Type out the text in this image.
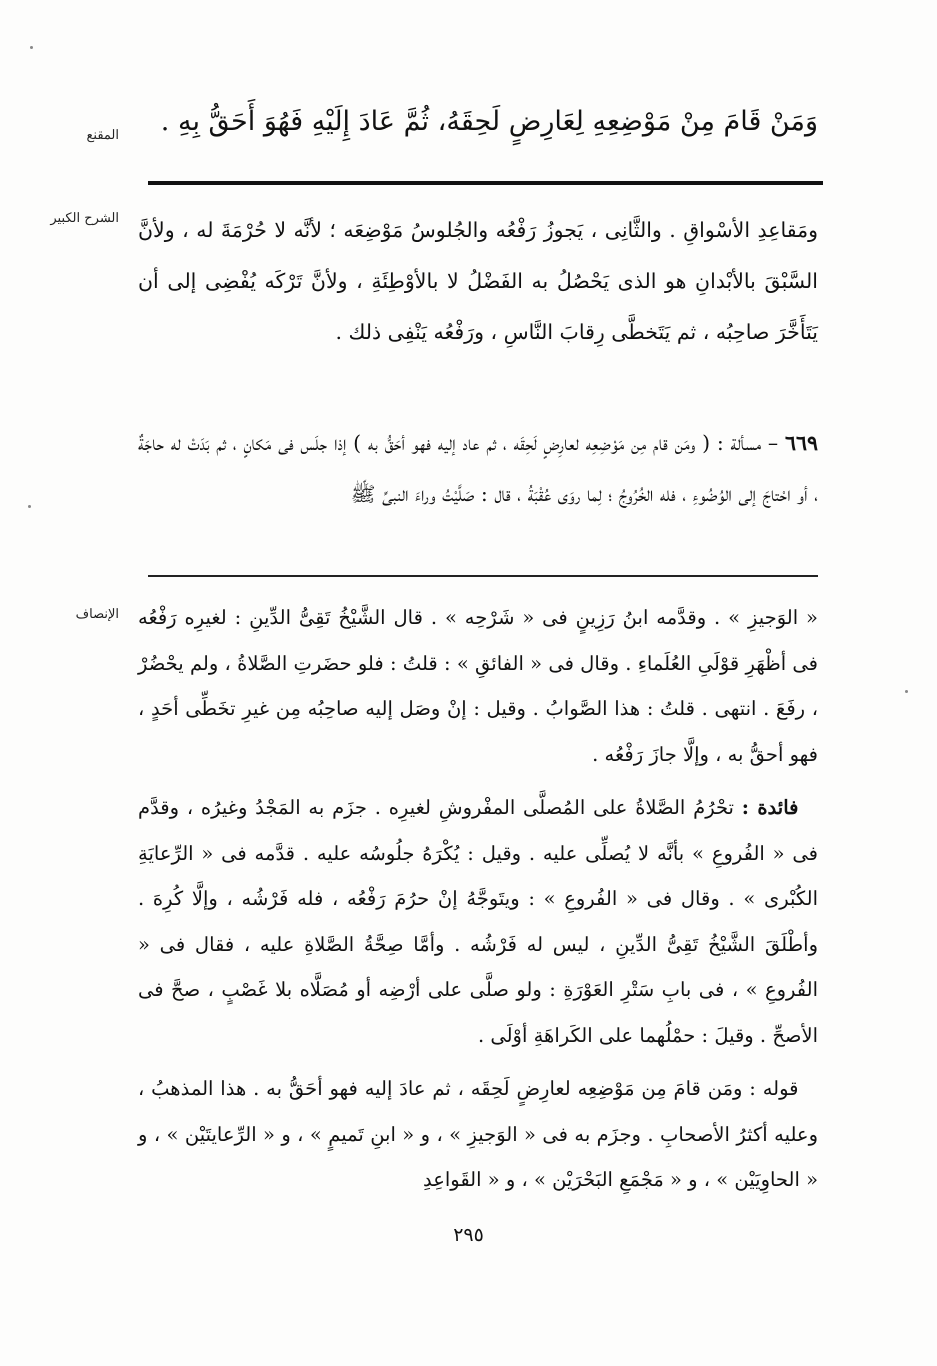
المقنع
الشرح الكبير
الإنصاف

وَمَنْ قَامَ مِنْ مَوْضِعِهِ لِعَارِضٍ لَحِقَهُ، ثُمَّ عَادَ إِلَيْهِ فَهُوَ أَحَقُّ بِهِ .

ومَقاعِدِ الأسْواقِ . والثَّانِى ، يَجوزُ رَفْعُه والجُلوسُ مَوْضِعَه ؛ لأنَّه لا حُرْمَةَ له ، ولأنَّ السَّبْقَ بالأبْدانِ هو الذى يَحْصُلُ به الفَضْلُ لا بالأوْطِئَةِ ، ولأنَّ تَرْكَه يُفْضِى إلى أن يَتَأَخَّرَ صاحِبُه ، ثم يَتَخطَّى رِقابَ النَّاسِ ، ورَفْعُه يَنْفِى ذلك .

٦٦٩ – مسألة : ( ومَن قام مِن مَوْضِعِه لعارِضٍ لَحِقَه ، ثم عاد إليه فهو أحَقُّ به ) إذا جلَس فى مَكانٍ ، ثم بَدَتْ له حاجَةٌ ، أو احْتاجَ إلى الوُضُوءِ ، فله الخُرُوجُ ؛ لِما روَى عُقْبَةُ ، قال : صَلَّيْتُ وراءَ النبىِّ ﷺ

« الوَجيزِ » . وقدَّمه ابنُ رَزِينٍ فى « شَرْحِه » . قال الشَّيْخُ تَقِىُّ الدِّينِ : لغيرِه رَفْعُه فى أظْهَرِ قوْلَىِ العُلَماءِ . وقال فى « الفائقِ » : قلتُ : فلو حضَرتِ الصَّلاةُ ، ولم يحْضُرْ ، رفَعَ . انتهى . قلتُ : هذا الصَّوابُ . وقيل : إنْ وصَل إليه صاحِبُه مِن غيرِ تخَطِّى أحَدٍ ، فهو أحقُّ به ، وإلَّا جازَ رَفْعُه .

 فائدة : تحْرُمُ الصَّلاةُ على المُصلَّى المفْروشِ لغيرِه . جزَم به المَجْدُ وغيرُه ، وقدَّم فى « الفُروعِ » بأنَّه لا يُصلِّى عليه . وقيل : يُكْرَهُ جلُوسُه عليه . قدَّمه فى « الرِّعايَةِ الكُبْرى » . وقال فى « الفُروعِ » : ويتَوجَّهُ إنْ حرُمَ رَفْعُه ، فله فَرْشُه ، وإلَّا كُرِهَ . وأطْلَقَ الشَّيْخُ تَقِىُّ الدِّينِ ، ليس له فَرْشُه . وأمَّا صِحَّةُ الصَّلاةِ عليه ، فقال فى « الفُروعِ » ، فى بابِ سَتْرِ العَوْرَةِ : ولو صلَّى على أرْضِه أو مُصَلَّاه بلا غَصْبٍ ، صحَّ فى الأصحِّ . وقيلَ : حمْلُهما على الكَراهَةِ أوْلَى .

 قوله : ومَن قامَ مِن مَوْضِعِه لعارِضٍ لَحِقَه ، ثم عادَ إليه فهو أحَقُّ به . هذا المذهبُ ، وعليه أكثرُ الأصحابِ . وجزَم به فى « الوَجيزِ » ، و « ابنِ تَميمٍ » ، و « الرِّعايتَيْن » ، و « الحاوِيَيْن » ، و « مَجْمَعِ البَحْرَيْن » ، و « القَواعِدِ

٢٩٥
